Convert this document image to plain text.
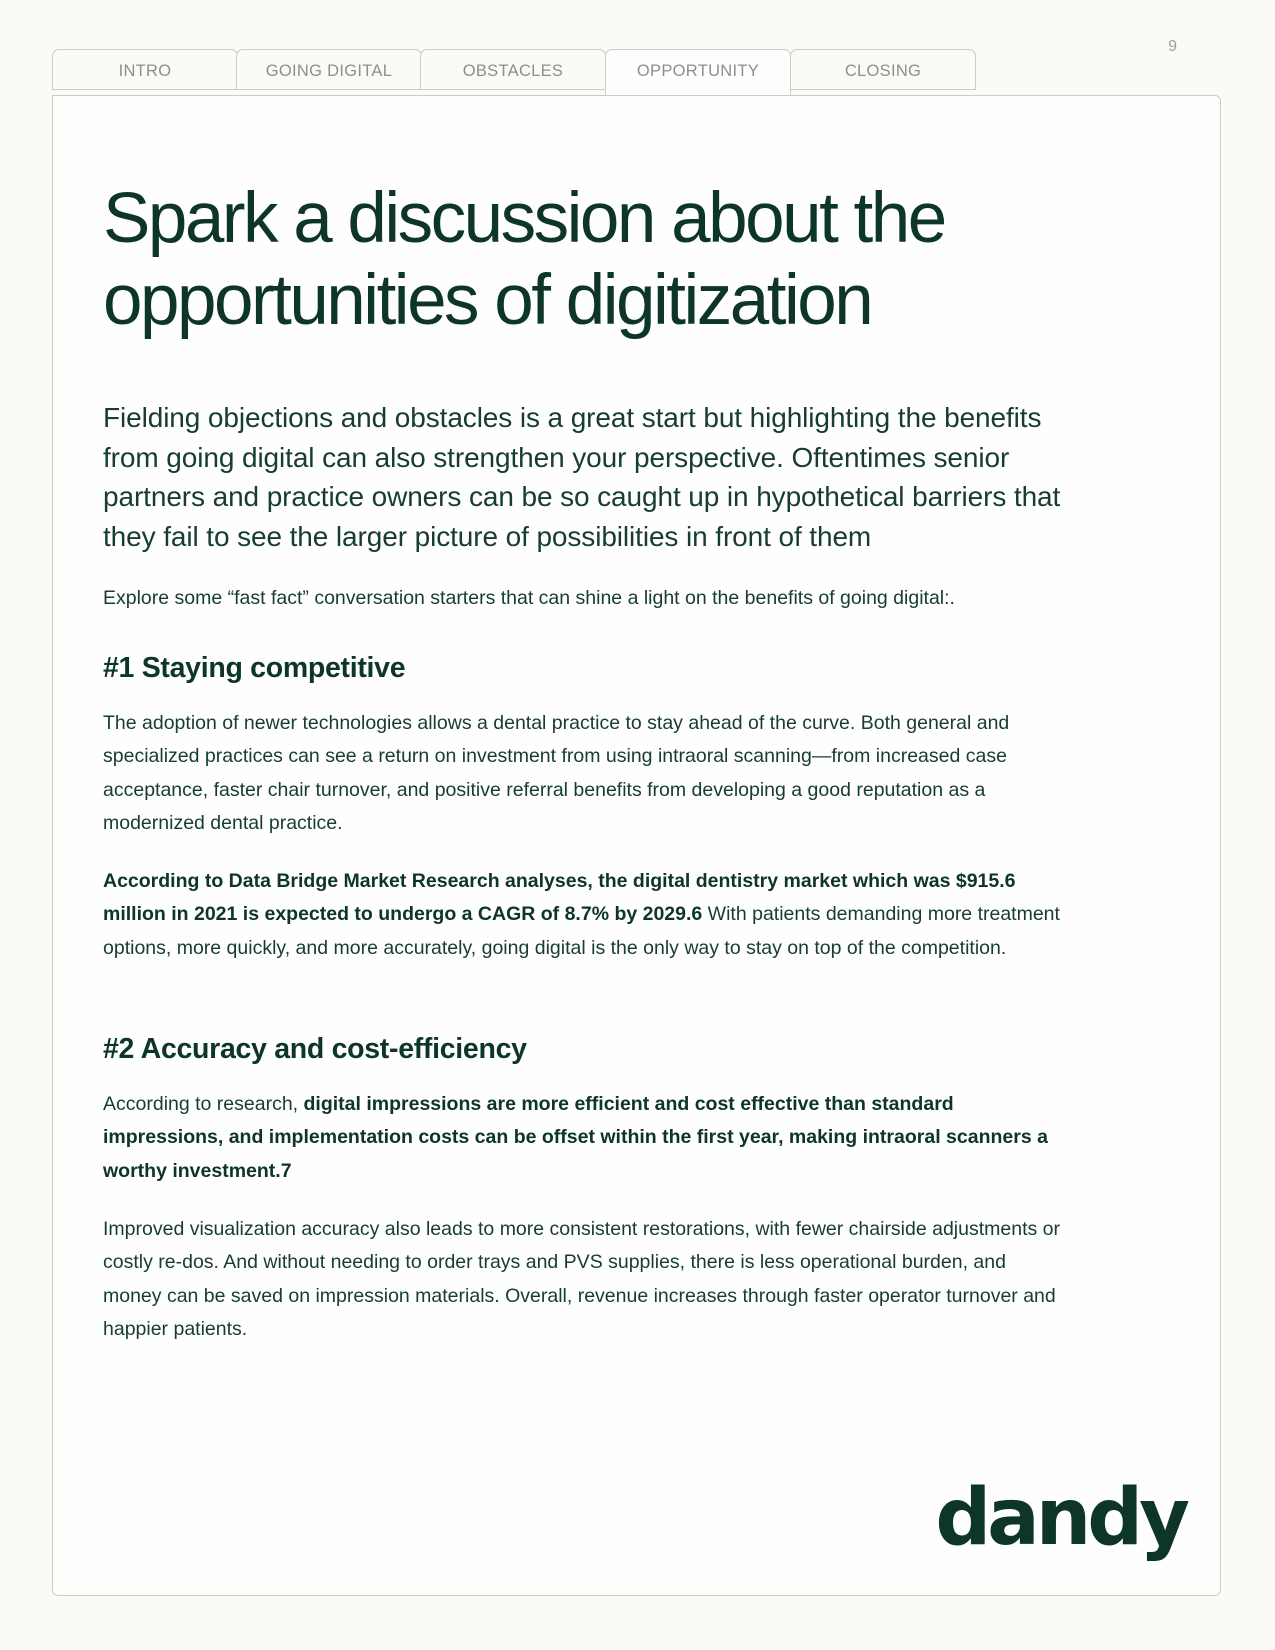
9
INTRO	GOING DIGITAL	OBSTACLES	OPPORTUNITY	CLOSING
Spark a discussion about the opportunities of digitization

Fielding objections and obstacles is a great start but highlighting the benefits from going digital can also strengthen your perspective. Oftentimes senior partners and practice owners can be so caught up in hypothetical barriers that they fail to see the larger picture of possibilities in front of them

Explore some “fast fact” conversation starters that can shine a light on the benefits of going digital:.

#1 Staying competitive

The adoption of newer technologies allows a dental practice to stay ahead of the curve. Both general and specialized practices can see a return on investment from using intraoral scanning—from increased case acceptance, faster chair turnover, and positive referral benefits from developing a good reputation as a modernized dental practice.

According to Data Bridge Market Research analyses, the digital dentistry market which was $915.6 million in 2021 is expected to undergo a CAGR of 8.7% by 2029.6 With patients demanding more treatment options, more quickly, and more accurately, going digital is the only way to stay on top of the competition.

#2 Accuracy and cost-efficiency

According to research, digital impressions are more efficient and cost effective than standard impressions, and implementation costs can be offset within the first year, making intraoral scanners a worthy investment.7

Improved visualization accuracy also leads to more consistent restorations, with fewer chairside adjustments or costly re-dos. And without needing to order trays and PVS supplies, there is less operational burden, and money can be saved on impression materials. Overall, revenue increases through faster operator turnover and happier patients.

dandy
